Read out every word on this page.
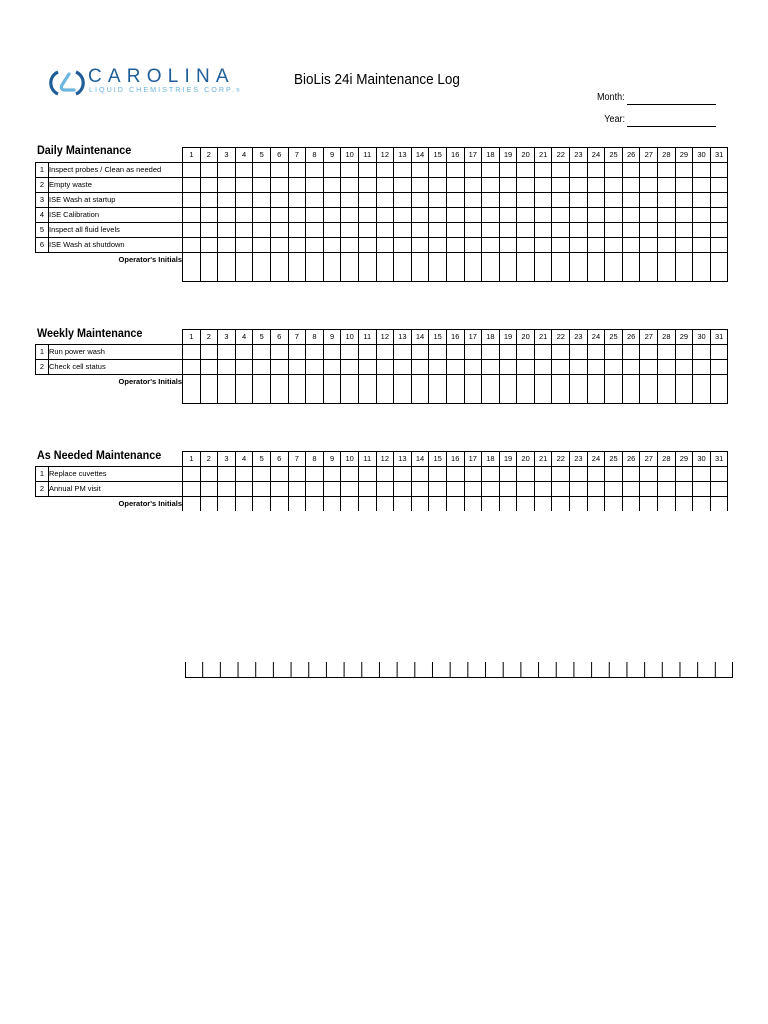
CAROLINA
LIQUID CHEMISTRIES CORP.®
BioLis 24i Maintenance Log
Month:
Year:
Daily Maintenance
			1	2	3	4	5	6	7	8	9	10	11	12	13	14	15	16	17	18	19	20	21	22	23	24	25	26	27	28	29	30	31
1	Inspect probes / Clean as needed																															
2	Empty waste																															
3	ISE Wash at startup																															
4	ISE Calibration																															
5	Inspect all fluid levels																															
6	ISE Wash at shutdown																															
Operator's Initials																																
Weekly Maintenance
			1	2	3	4	5	6	7	8	9	10	11	12	13	14	15	16	17	18	19	20	21	22	23	24	25	26	27	28	29	30	31
1	Run power wash																															
2	Check cell status																															
Operator's Initials																																
As Needed Maintenance
			1	2	3	4	5	6	7	8	9	10	11	12	13	14	15	16	17	18	19	20	21	22	23	24	25	26	27	28	29	30	31
1	Replace cuvettes																															
2	Annual PM visit																															
Operator's Initials																																
